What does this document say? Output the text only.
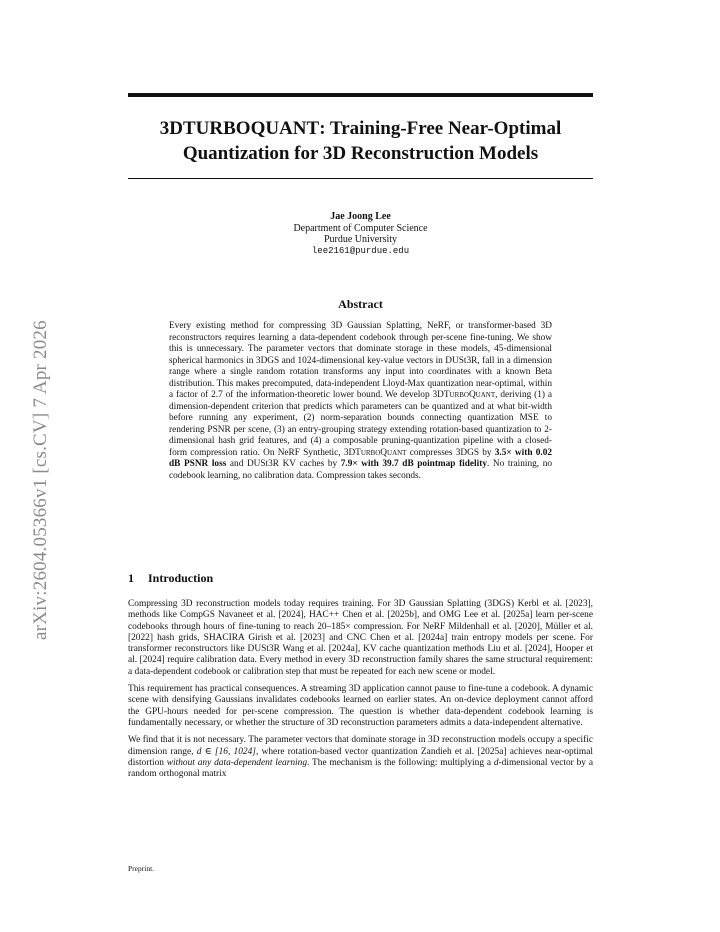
arXiv:2604.05366v1 [cs.CV] 7 Apr 2026
3DTURBOQUANT: Training-Free Near-Optimal
Quantization for 3D Reconstruction Models
Jae Joong Lee
Department of Computer Science
Purdue University
lee2161@purdue.edu
Abstract

Every existing method for compressing 3D Gaussian Splatting, NeRF, or transformer-based 3D reconstructors requires learning a data-dependent codebook through per-scene fine-tuning. We show this is unnecessary. The parameter vectors that dominate storage in these models, 45-dimensional spherical harmonics in 3DGS and 1024-dimensional key-value vectors in DUSt3R, fall in a dimension range where a single random rotation transforms any input into coordinates with a known Beta distribution. This makes precomputed, data-independent Lloyd-Max quantization near-optimal, within a factor of 2.7 of the information-theoretic lower bound. We develop 3DTurboQuant, deriving (1) a dimension-dependent criterion that predicts which parameters can be quantized and at what bit-width before running any experiment, (2) norm-separation bounds connecting quantization MSE to rendering PSNR per scene, (3) an entry-grouping strategy extending rotation-based quantization to 2-dimensional hash grid features, and (4) a composable pruning-quantization pipeline with a closed-form compression ratio. On NeRF Synthetic, 3DTurboQuant compresses 3DGS by 3.5× with 0.02 dB PSNR loss and DUSt3R KV caches by 7.9× with 39.7 dB pointmap fidelity. No training, no codebook learning, no calibration data. Compression takes seconds.

1 Introduction

Compressing 3D reconstruction models today requires training. For 3D Gaussian Splatting (3DGS) Kerbl et al. [2023], methods like CompGS Navaneet et al. [2024], HAC++ Chen et al. [2025b], and OMG Lee et al. [2025a] learn per-scene codebooks through hours of fine-tuning to reach 20–185× compression. For NeRF Mildenhall et al. [2020], Müller et al. [2022] hash grids, SHACIRA Girish et al. [2023] and CNC Chen et al. [2024a] train entropy models per scene. For transformer reconstructors like DUSt3R Wang et al. [2024a], KV cache quantization methods Liu et al. [2024], Hooper et al. [2024] require calibration data. Every method in every 3D reconstruction family shares the same structural requirement: a data-dependent codebook or calibration step that must be repeated for each new scene or model.

This requirement has practical consequences. A streaming 3D application cannot pause to fine-tune a codebook. A dynamic scene with densifying Gaussians invalidates codebooks learned on earlier states. An on-device deployment cannot afford the GPU-hours needed for per-scene compression. The question is whether data-dependent codebook learning is fundamentally necessary, or whether the structure of 3D reconstruction parameters admits a data-independent alternative.

We find that it is not necessary. The parameter vectors that dominate storage in 3D reconstruction models occupy a specific dimension range, d ∈ [16, 1024], where rotation-based vector quantization Zandieh et al. [2025a] achieves near-optimal distortion without any data-dependent learning. The mechanism is the following: multiplying a d-dimensional vector by a random orthogonal matrix

Preprint.
